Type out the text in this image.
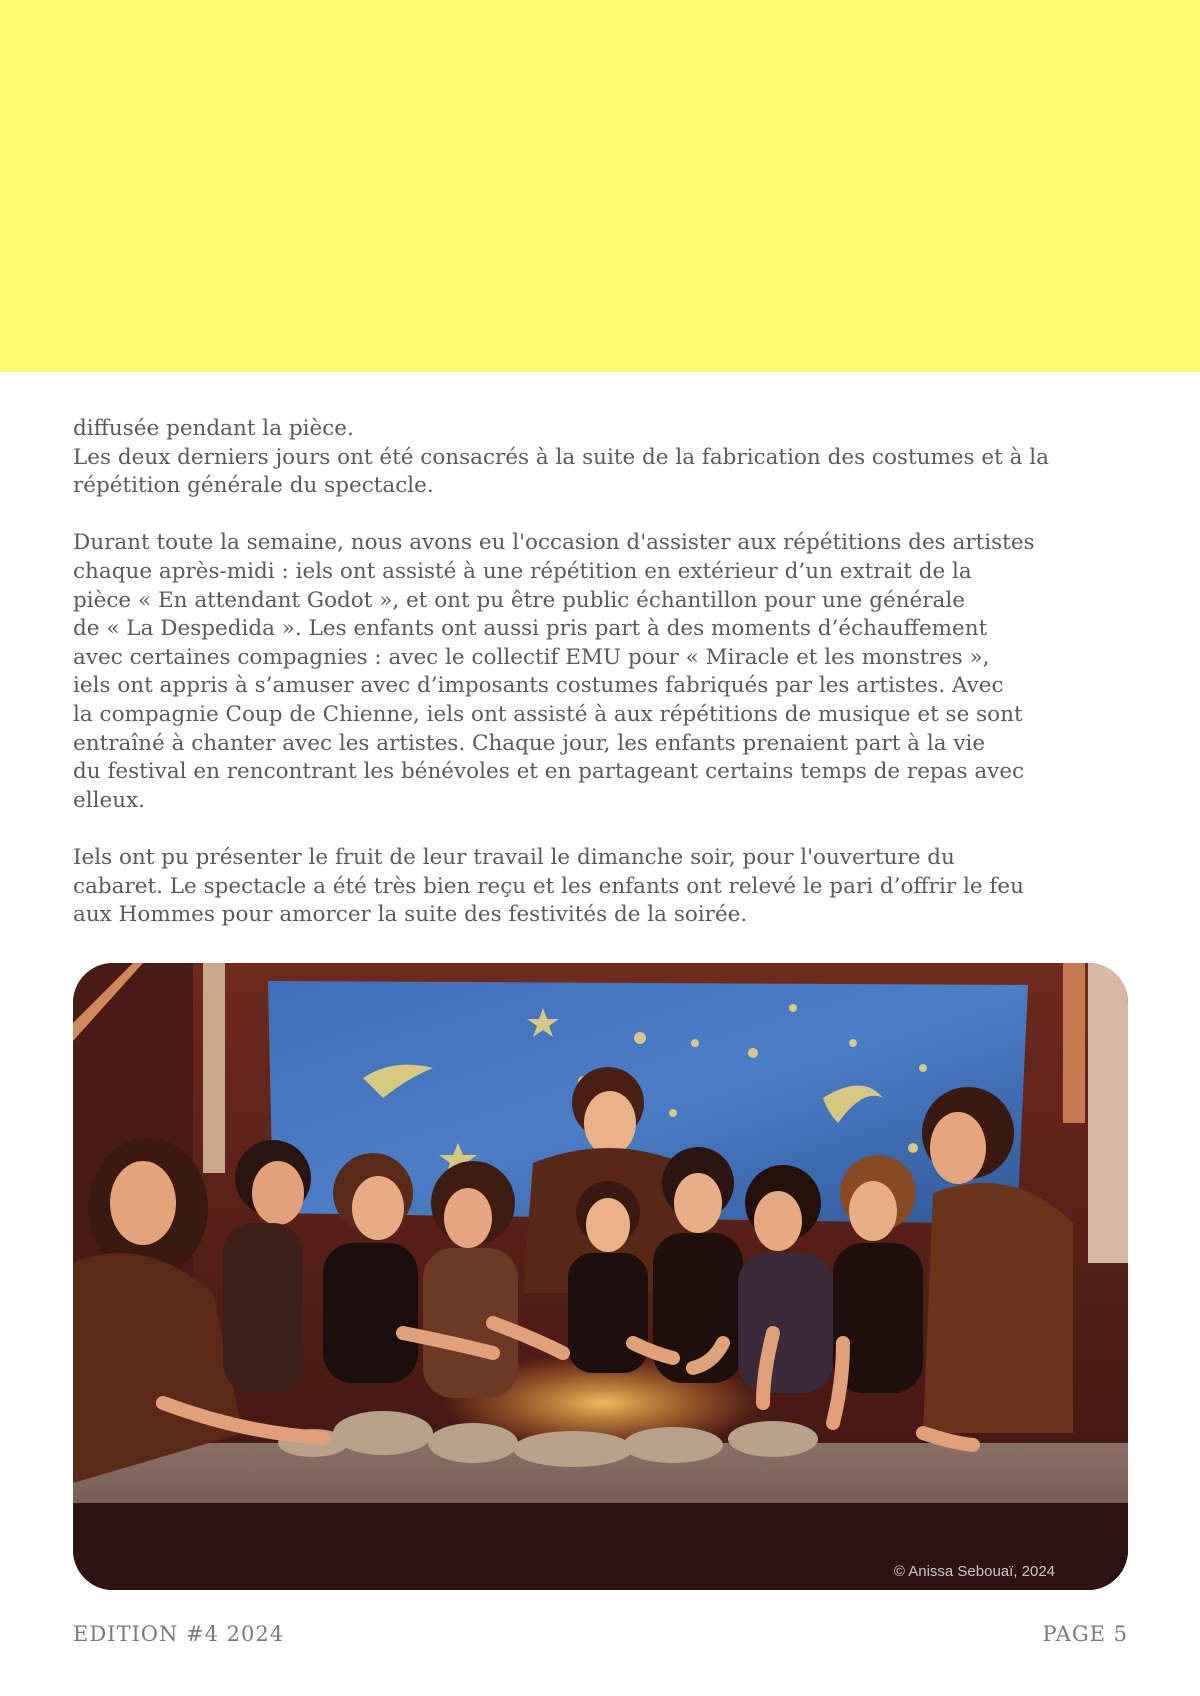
diffusée pendant la pièce.
Les deux derniers jours ont été consacrés à la suite de la fabrication des costumes et à la
répétition générale du spectacle.

Durant toute la semaine, nous avons eu l'occasion d'assister aux répétitions des artistes
chaque après-midi : iels ont assisté à une répétition en extérieur d’un extrait de la
pièce « En attendant Godot », et ont pu être public échantillon pour une générale
de « La Despedida ». Les enfants ont aussi pris part à des moments d’échauffement
avec certaines compagnies : avec le collectif EMU pour « Miracle et les monstres »,
iels ont appris à s’amuser avec d’imposants costumes fabriqués par les artistes. Avec
la compagnie Coup de Chienne, iels ont assisté à aux répétitions de musique et se sont
entraîné à chanter avec les artistes. Chaque jour, les enfants prenaient part à la vie
du festival en rencontrant les bénévoles et en partageant certains temps de repas avec
elleux.

Iels ont pu présenter le fruit de leur travail le dimanche soir, pour l'ouverture du
cabaret. Le spectacle a été très bien reçu et les enfants ont relevé le pari d’offrir le feu
aux Hommes pour amorcer la suite des festivités de la soirée.

© Anissa Sebouaï, 2024
EDITION #4 2024	PAGE 5
